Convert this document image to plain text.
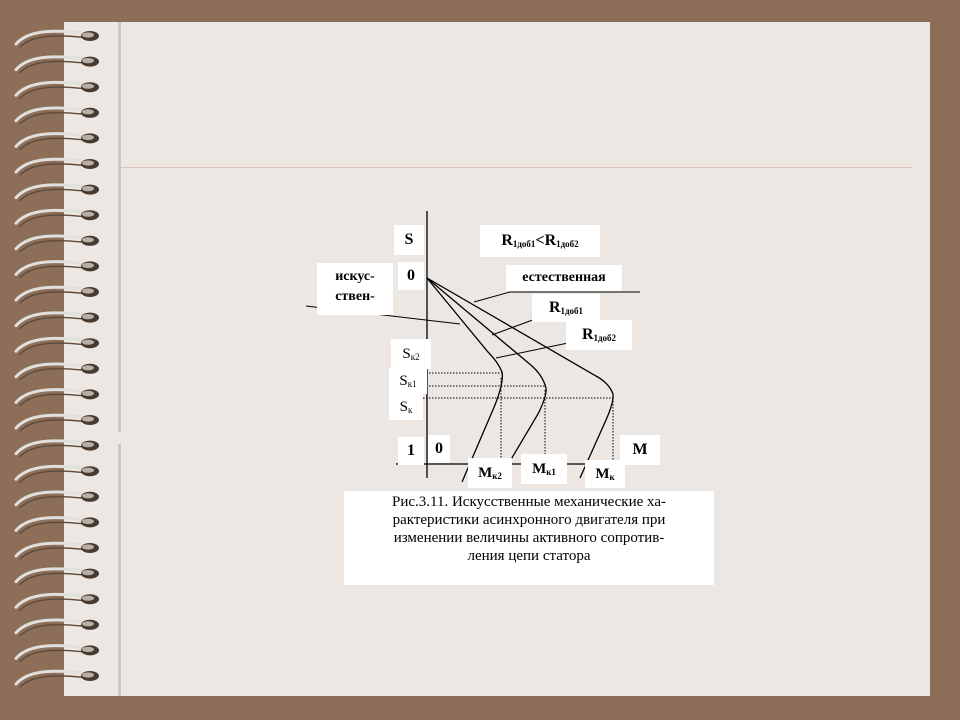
S	$R_{1доб1}<R_{1доб2}$
искус-
ствен-
0	естественная
$R_{1доб1}$
$R_{1доб2}$
$S_{к2}$
$S_{к1}$
$S_к$
1	0	M
$M_{к2}$	$M_{к1}$	$M_к$
Рис.3.11. Искусственные механические ха-
рактеристики асинхронного двигателя при
изменении величины активного сопротив-
ления цепи статора
